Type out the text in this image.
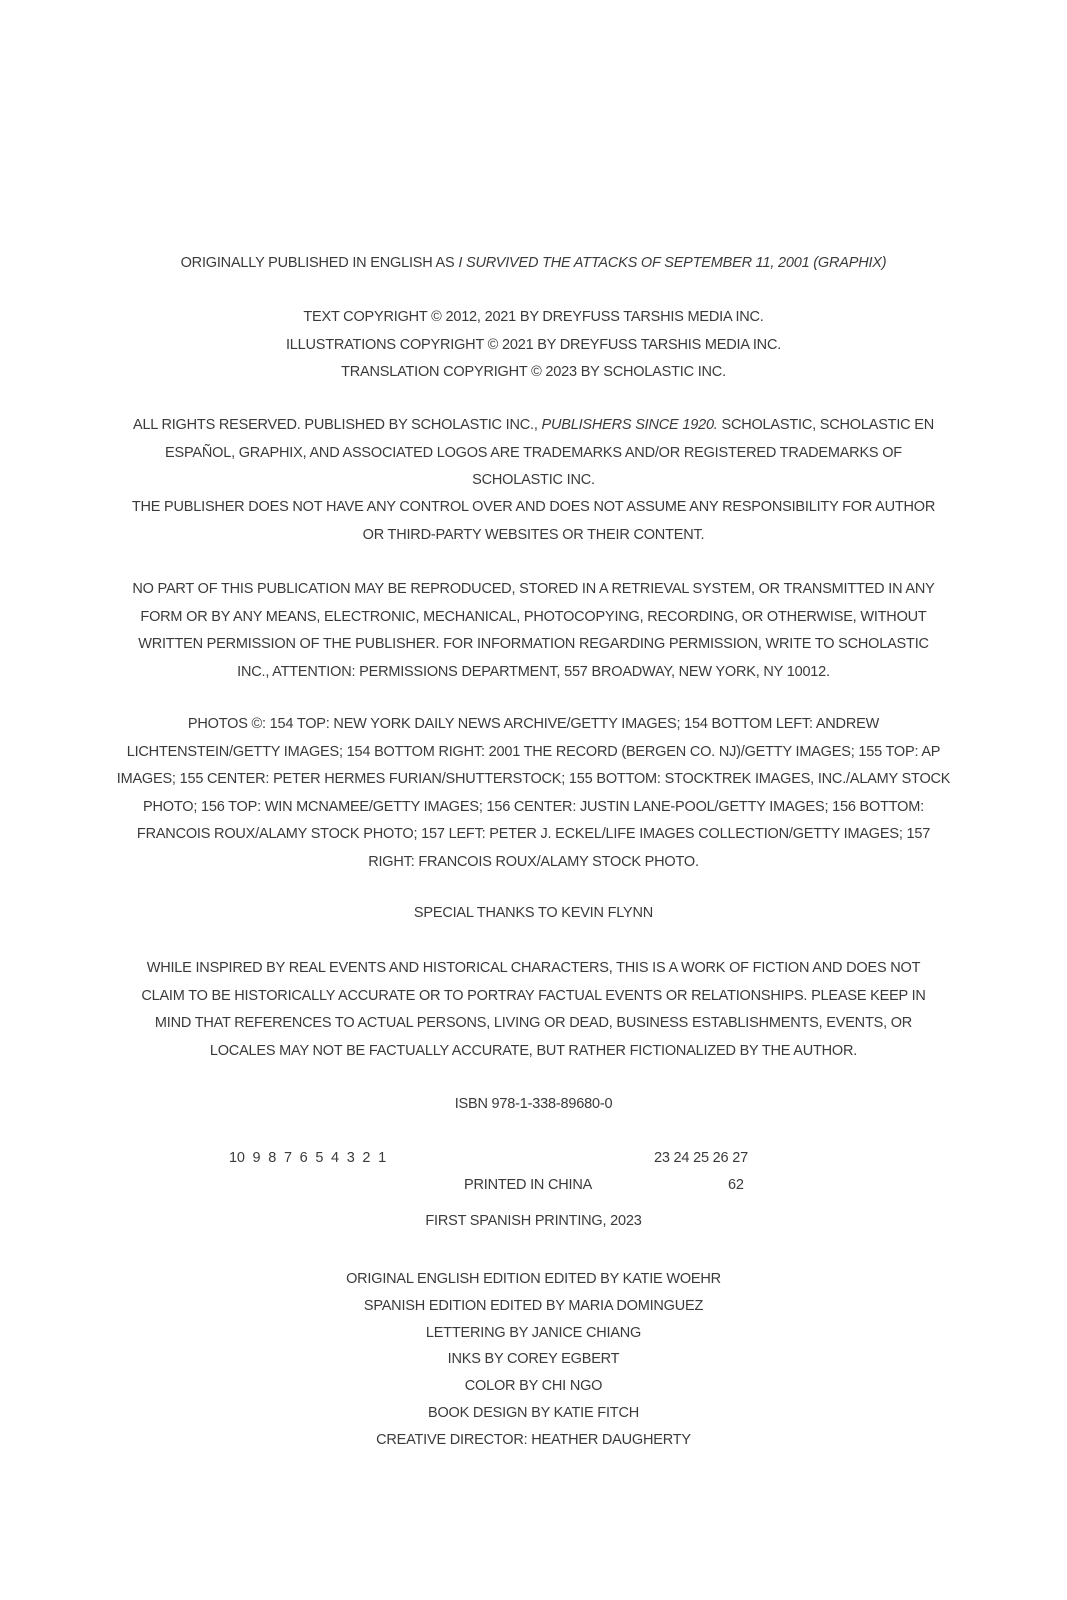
ORIGINALLY PUBLISHED IN ENGLISH AS I SURVIVED THE ATTACKS OF SEPTEMBER 11, 2001 (GRAPHIX)

TEXT COPYRIGHT © 2012, 2021 BY DREYFUSS TARSHIS MEDIA INC.

ILLUSTRATIONS COPYRIGHT © 2021 BY DREYFUSS TARSHIS MEDIA INC.

TRANSLATION COPYRIGHT © 2023 BY SCHOLASTIC INC.

ALL RIGHTS RESERVED. PUBLISHED BY SCHOLASTIC INC., PUBLISHERS SINCE 1920. SCHOLASTIC, SCHOLASTIC EN ESPAÑOL, GRAPHIX, AND ASSOCIATED LOGOS ARE TRADEMARKS AND/OR REGISTERED TRADEMARKS OF SCHOLASTIC INC.

THE PUBLISHER DOES NOT HAVE ANY CONTROL OVER AND DOES NOT ASSUME ANY RESPONSIBILITY FOR AUTHOR OR THIRD-PARTY WEBSITES OR THEIR CONTENT.

NO PART OF THIS PUBLICATION MAY BE REPRODUCED, STORED IN A RETRIEVAL SYSTEM, OR TRANSMITTED IN ANY FORM OR BY ANY MEANS, ELECTRONIC, MECHANICAL, PHOTOCOPYING, RECORDING, OR OTHERWISE, WITHOUT WRITTEN PERMISSION OF THE PUBLISHER. FOR INFORMATION REGARDING PERMISSION, WRITE TO SCHOLASTIC INC., ATTENTION: PERMISSIONS DEPARTMENT, 557 BROADWAY, NEW YORK, NY 10012.

PHOTOS ©: 154 TOP: NEW YORK DAILY NEWS ARCHIVE/GETTY IMAGES; 154 BOTTOM LEFT: ANDREW LICHTENSTEIN/GETTY IMAGES; 154 BOTTOM RIGHT: 2001 THE RECORD (BERGEN CO. NJ)/GETTY IMAGES; 155 TOP: AP IMAGES; 155 CENTER: PETER HERMES FURIAN/SHUTTERSTOCK; 155 BOTTOM: STOCKTREK IMAGES, INC./ALAMY STOCK PHOTO; 156 TOP: WIN MCNAMEE/GETTY IMAGES; 156 CENTER: JUSTIN LANE-POOL/GETTY IMAGES; 156 BOTTOM: FRANCOIS ROUX/ALAMY STOCK PHOTO; 157 LEFT: PETER J. ECKEL/LIFE IMAGES COLLECTION/GETTY IMAGES; 157 RIGHT: FRANCOIS ROUX/ALAMY STOCK PHOTO.

SPECIAL THANKS TO KEVIN FLYNN

WHILE INSPIRED BY REAL EVENTS AND HISTORICAL CHARACTERS, THIS IS A WORK OF FICTION AND DOES NOT CLAIM TO BE HISTORICALLY ACCURATE OR TO PORTRAY FACTUAL EVENTS OR RELATIONSHIPS. PLEASE KEEP IN MIND THAT REFERENCES TO ACTUAL PERSONS, LIVING OR DEAD, BUSINESS ESTABLISHMENTS, EVENTS, OR LOCALES MAY NOT BE FACTUALLY ACCURATE, BUT RATHER FICTIONALIZED BY THE AUTHOR.

ISBN 978-1-338-89680-0

10 9 8 7 6 5 4 3 2 1	23 24 25 26 27
PRINTED IN CHINA	62

FIRST SPANISH PRINTING, 2023

ORIGINAL ENGLISH EDITION EDITED BY KATIE WOEHR

SPANISH EDITION EDITED BY MARIA DOMINGUEZ

LETTERING BY JANICE CHIANG

INKS BY COREY EGBERT

COLOR BY CHI NGO

BOOK DESIGN BY KATIE FITCH

CREATIVE DIRECTOR: HEATHER DAUGHERTY
